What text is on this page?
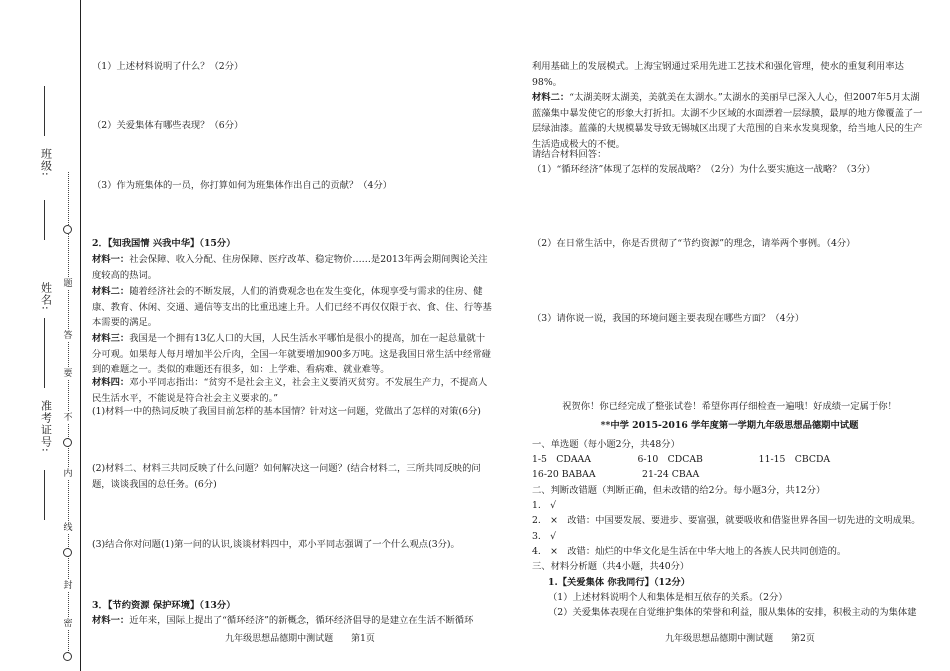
班级:
姓名:
准考证号:
题
答
要
不
内
线
封
密
（1）上述材料说明了什么？（2分）
（2）关爱集体有哪些表现？（6分）
（3）作为班集体的一员，你打算如何为班集体作出自己的贡献？（4分）
2．【知我国情 兴我中华】（15分）
材料一：社会保障、收入分配、住房保障、医疗改革、稳定物价……是2013年两会期间舆论关注度较高的热词。
材料二：随着经济社会的不断发展，人们的消费观念也在发生变化，体现享受与需求的住房、健康、教育、休闲、交通、通信等支出的比重迅速上升。人们已经不再仅仅限于衣、食、住、行等基本需要的满足。
材料三：我国是一个拥有13亿人口的大国，人民生活水平哪怕是很小的提高，加在一起总量就十分可观。如果每人每月增加半公斤肉，全国一年就要增加900多万吨。这是我国日常生活中经常碰到的难题之一。类似的难题还有很多，如：上学难、看病难、就业难等。
材料四：邓小平同志指出：“贫穷不是社会主义，社会主义要消灭贫穷。不发展生产力，不提高人民生活水平，不能说是符合社会主义要求的。”
(1)材料一中的热词反映了我国目前怎样的基本国情？针对这一问题，党做出了怎样的对策(6分)
(2)材料二、材料三共同反映了什么问题？如何解决这一问题？(结合材料二，三所共同反映的问题，谈谈我国的总任务。(6分)
(3)结合你对问题(1)第一问的认识,谈谈材料四中，邓小平同志强调了一个什么观点(3分)。
3．【节约资源 保护环境】（13分）
材料一：近年来，国际上提出了“循环经济”的新概念，循环经济倡导的是建立在生活不断循环
九年级思想品德期中测试题　　第1页
利用基础上的发展模式。上海宝钢通过采用先进工艺技术和强化管理，使水的重复利用率达98%。
材料二：“太湖美呀太湖美，美就美在太湖水。”太湖水的美丽早已深入人心，但2007年5月太湖蓝藻集中暴发使它的形象大打折扣。太湖不少区域的水面漂着一层绿膜，最厚的地方像覆盖了一层绿油漆。蓝藻的大规模暴发导致无锡城区出现了大范围的自来水发臭现象，给当地人民的生产生活造成极大的不便。
请结合材料回答：
（1）“循环经济”体现了怎样的发展战略？（2分）为什么要实施这一战略？（3分）
（2）在日常生活中，你是否贯彻了“节约资源”的理念，请举两个事例。（4分）
（3）请你说一说，我国的环境问题主要表现在哪些方面？（4分）
祝贺你！你已经完成了整张试卷！希望你再仔细检查一遍哦！好成绩一定属于你！
**中学 2015-2016 学年度第一学期九年级思想品德期中试题
一、单选题（每小题2分，共48分）
1-5　CDAAA　　　　　6-10　CDCAB　　　　　　11-15　CBCDA
16-20 BABAA　　　　　21-24 CBAA
二、判断改错题（判断正确，但未改错的给2分。每小题3分，共12分）
1.　√
2.　×　改错：中国要发展、要进步、要富强，就要吸收和借鉴世界各国一切先进的文明成果。
3.　√
4.　×　改错：灿烂的中华文化是生活在中华大地上的各族人民共同创造的。
三、材料分析题（共4小题，共40分）
1.【关爱集体 你我同行】（12分）
（1）上述材料说明个人和集体是相互依存的关系。（2分）
（2）关爱集体表现在自觉维护集体的荣誉和利益，服从集体的安排，积极主动的为集体建
九年级思想品德期中测试题　　第2页
